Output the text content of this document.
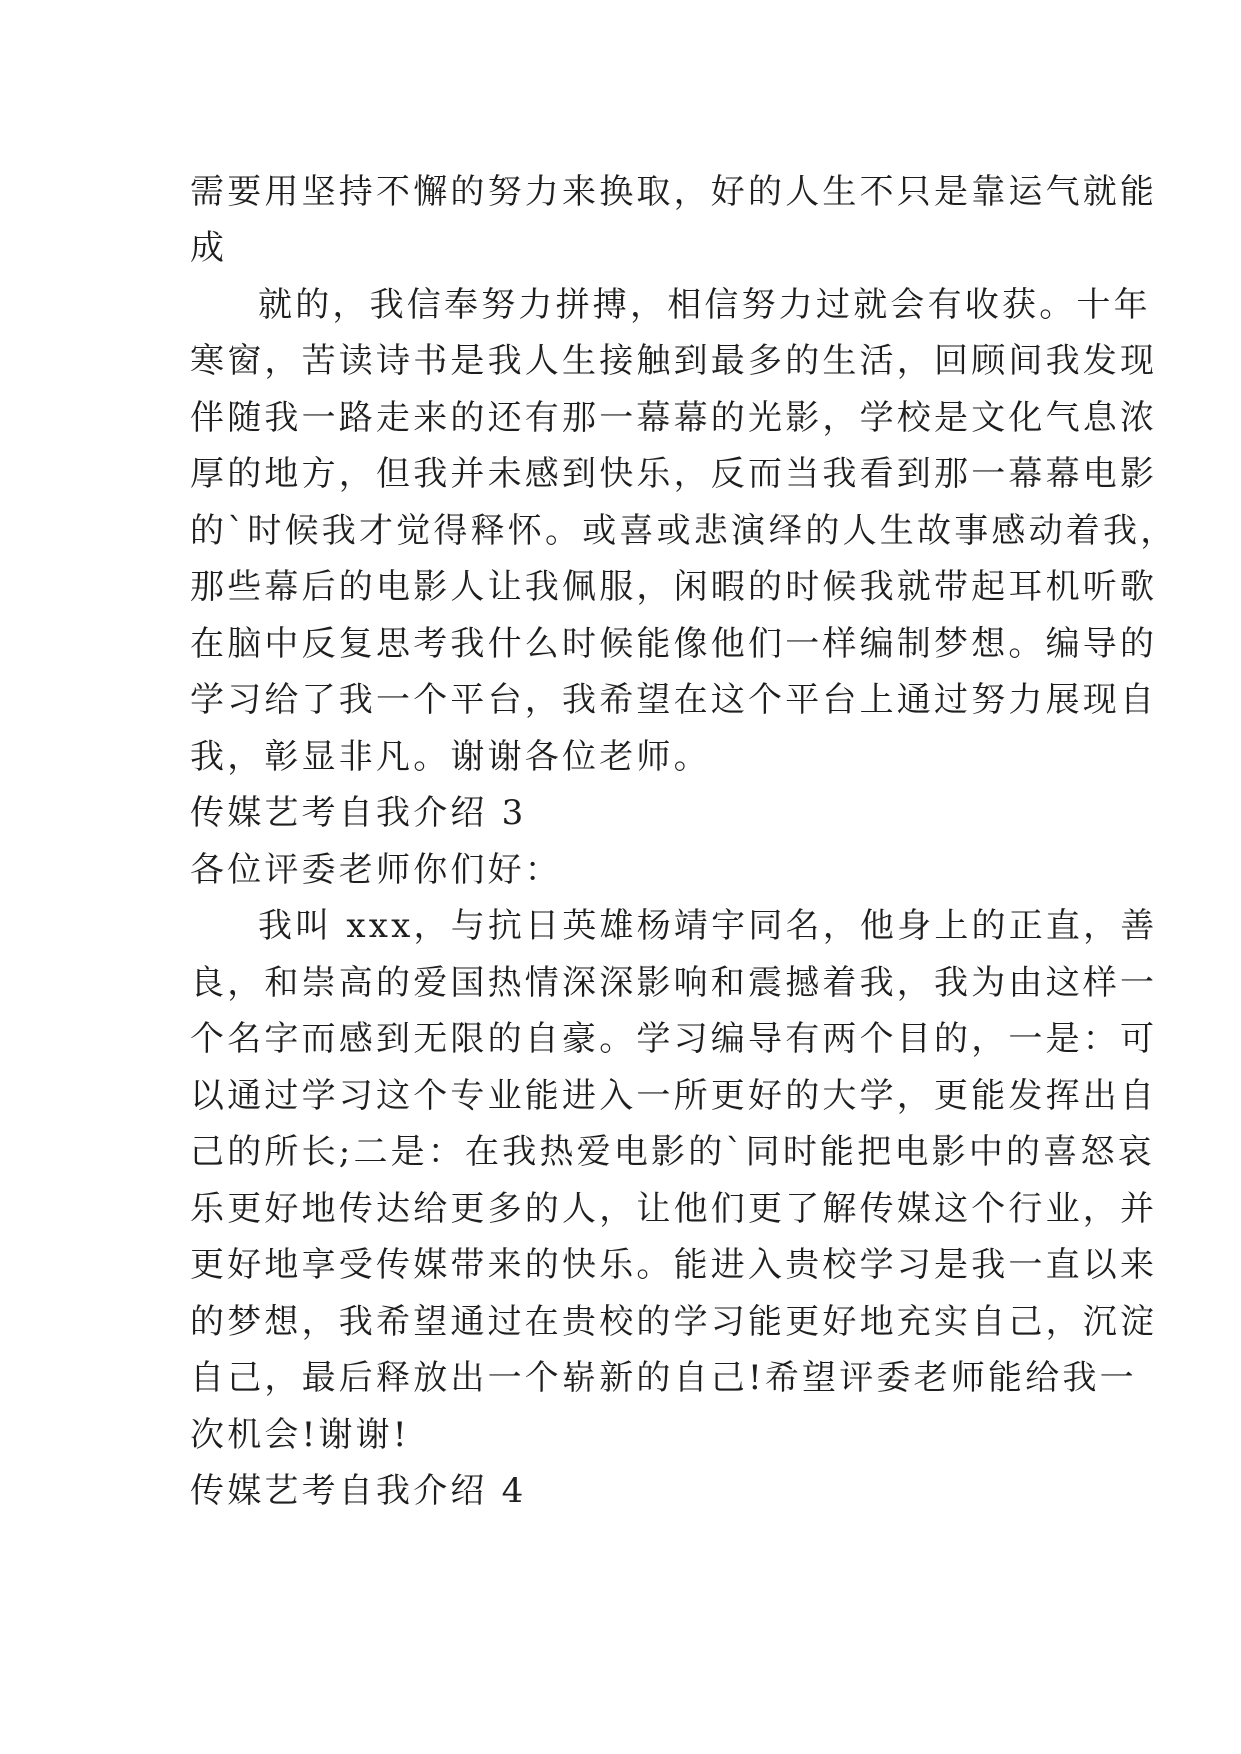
需要用坚持不懈的努力来换取，好的人生不只是靠运气就能
成
就的，我信奉努力拼搏，相信努力过就会有收获。十年
寒窗，苦读诗书是我人生接触到最多的生活，回顾间我发现
伴随我一路走来的还有那一幕幕的光影，学校是文化气息浓
厚的地方，但我并未感到快乐，反而当我看到那一幕幕电影
的`时候我才觉得释怀。或喜或悲演绎的人生故事感动着我，
那些幕后的电影人让我佩服，闲暇的时候我就带起耳机听歌
在脑中反复思考我什么时候能像他们一样编制梦想。编导的
学习给了我一个平台，我希望在这个平台上通过努力展现自
我，彰显非凡。谢谢各位老师。
传媒艺考自我介绍 3
各位评委老师你们好：
我叫 xxx，与抗日英雄杨靖宇同名，他身上的正直，善
良，和崇高的爱国热情深深影响和震撼着我，我为由这样一
个名字而感到无限的自豪。学习编导有两个目的，一是：可
以通过学习这个专业能进入一所更好的大学，更能发挥出自
己的所长;二是：在我热爱电影的`同时能把电影中的喜怒哀
乐更好地传达给更多的人，让他们更了解传媒这个行业，并
更好地享受传媒带来的快乐。能进入贵校学习是我一直以来
的梦想，我希望通过在贵校的学习能更好地充实自己，沉淀
自己，最后释放出一个崭新的自己!希望评委老师能给我一
次机会!谢谢!
传媒艺考自我介绍 4
